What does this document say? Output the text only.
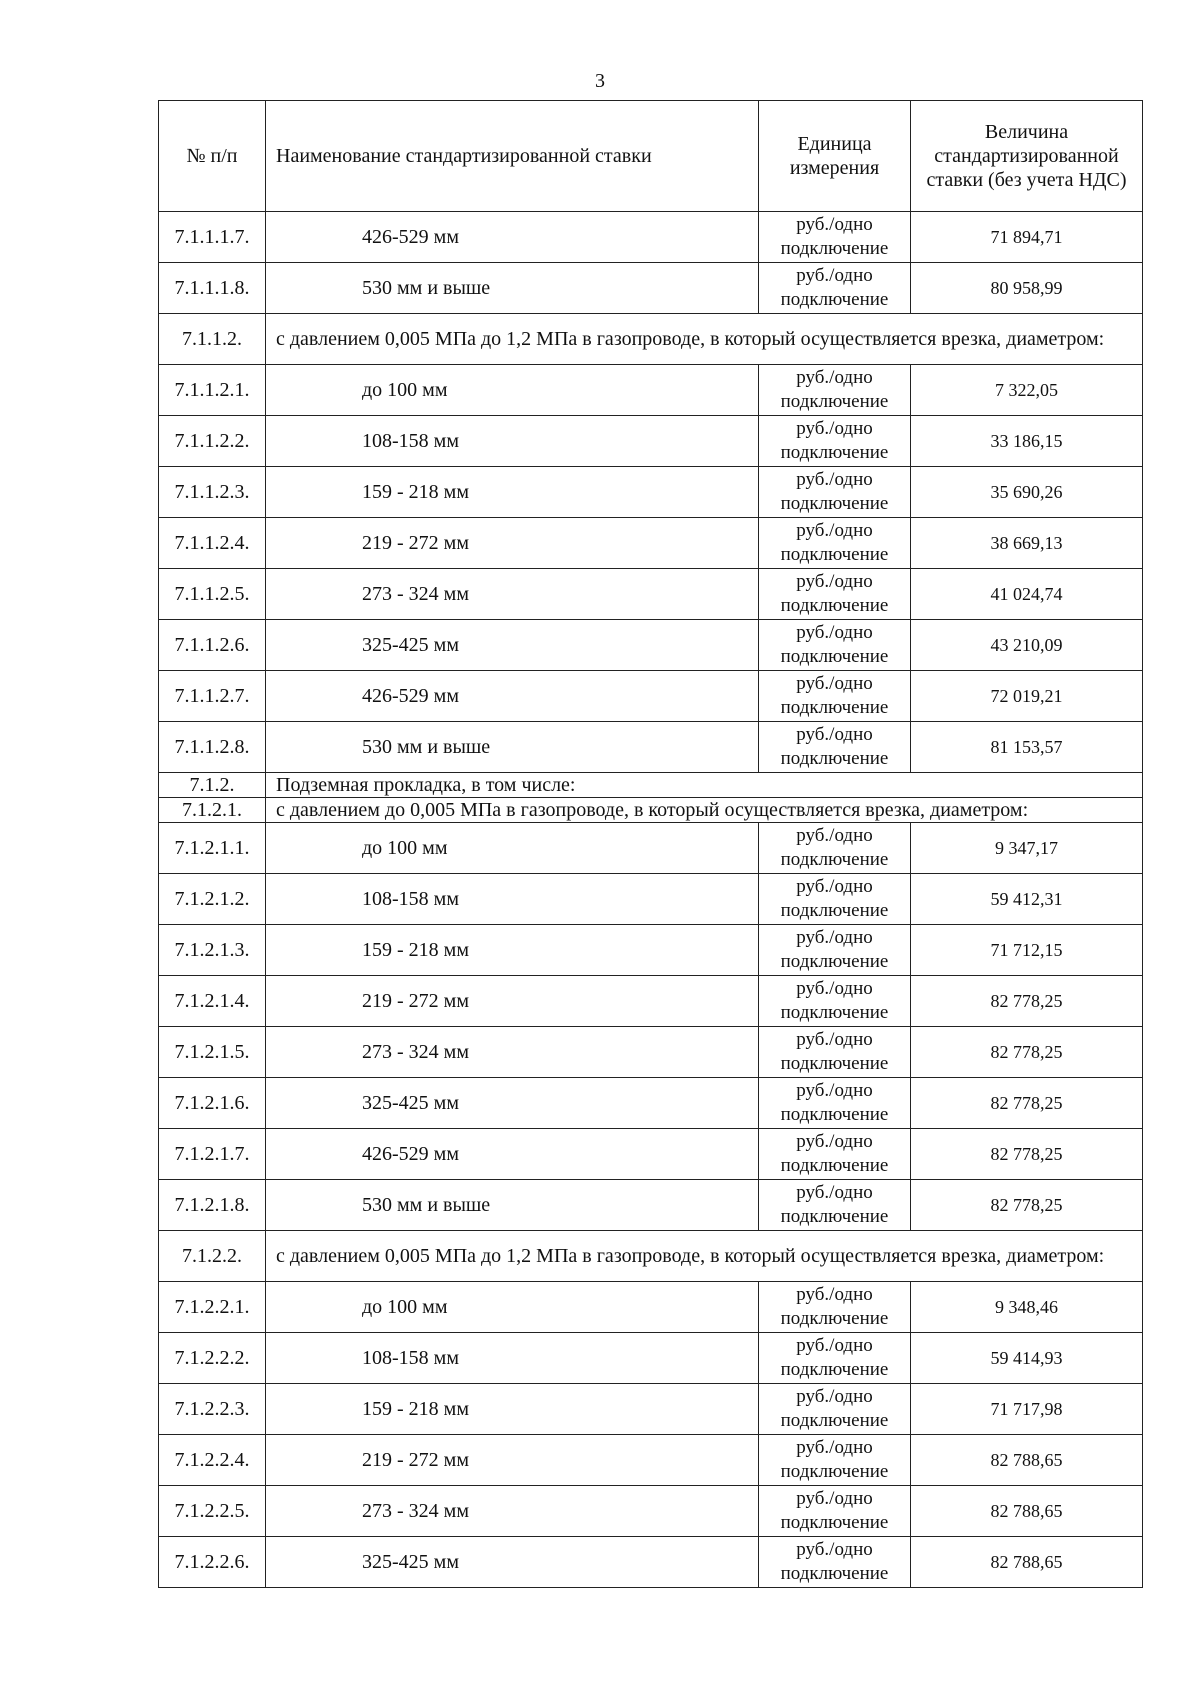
3
№ п/п	Наименование стандартизированной ставки	Единица измерения	Величина стандартизированной ставки (без учета НДС)
7.1.1.1.7.	426-529 мм	руб./одно подключение	71 894,71
7.1.1.1.8.	530 мм и выше	руб./одно подключение	80 958,99
7.1.1.2.	с давлением 0,005 МПа до 1,2 МПа в газопроводе, в который осуществляется врезка, диаметром:		
7.1.1.2.1.	до 100 мм	руб./одно подключение	7 322,05
7.1.1.2.2.	108-158 мм	руб./одно подключение	33 186,15
7.1.1.2.3.	159 - 218 мм	руб./одно подключение	35 690,26
7.1.1.2.4.	219 - 272 мм	руб./одно подключение	38 669,13
7.1.1.2.5.	273 - 324 мм	руб./одно подключение	41 024,74
7.1.1.2.6.	325-425 мм	руб./одно подключение	43 210,09
7.1.1.2.7.	426-529 мм	руб./одно подключение	72 019,21
7.1.1.2.8.	530 мм и выше	руб./одно подключение	81 153,57
7.1.2.	Подземная прокладка, в том числе:		
7.1.2.1.	с давлением до 0,005 МПа в газопроводе, в который осуществляется врезка, диаметром:		
7.1.2.1.1.	до 100 мм	руб./одно подключение	9 347,17
7.1.2.1.2.	108-158 мм	руб./одно подключение	59 412,31
7.1.2.1.3.	159 - 218 мм	руб./одно подключение	71 712,15
7.1.2.1.4.	219 - 272 мм	руб./одно подключение	82 778,25
7.1.2.1.5.	273 - 324 мм	руб./одно подключение	82 778,25
7.1.2.1.6.	325-425 мм	руб./одно подключение	82 778,25
7.1.2.1.7.	426-529 мм	руб./одно подключение	82 778,25
7.1.2.1.8.	530 мм и выше	руб./одно подключение	82 778,25
7.1.2.2.	с давлением 0,005 МПа до 1,2 МПа в газопроводе, в который осуществляется врезка, диаметром:		
7.1.2.2.1.	до 100 мм	руб./одно подключение	9 348,46
7.1.2.2.2.	108-158 мм	руб./одно подключение	59 414,93
7.1.2.2.3.	159 - 218 мм	руб./одно подключение	71 717,98
7.1.2.2.4.	219 - 272 мм	руб./одно подключение	82 788,65
7.1.2.2.5.	273 - 324 мм	руб./одно подключение	82 788,65
7.1.2.2.6.	325-425 мм	руб./одно подключение	82 788,65
